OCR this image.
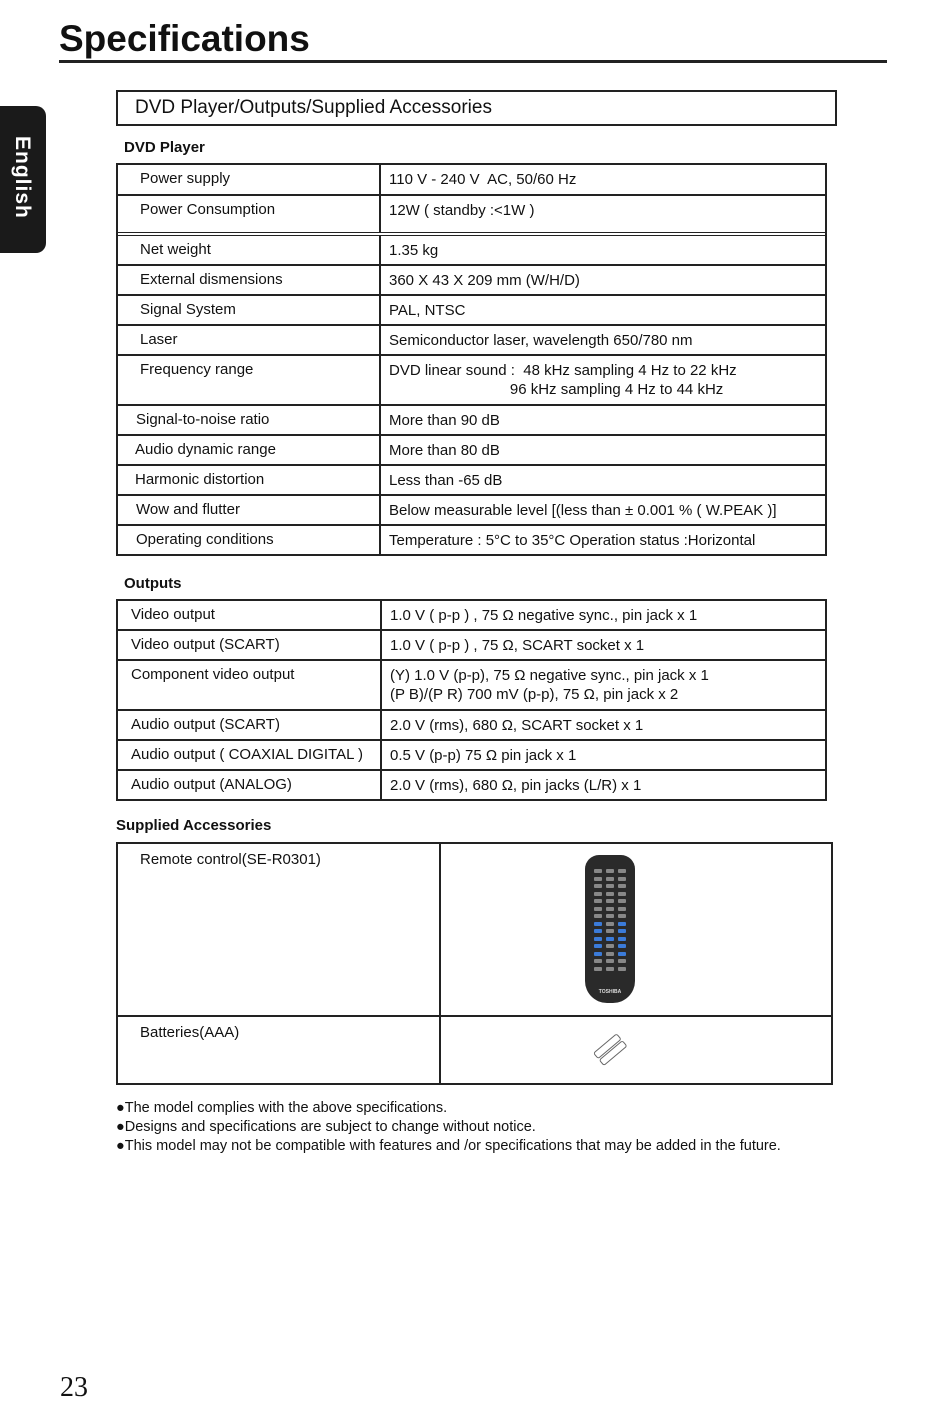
Specifications
English
DVD Player/Outputs/Supplied Accessories
DVD Player
Power supply	110 V - 240 V  AC, 50/60 Hz
Power Consumption	12W ( standby :<1W )
Net weight	1.35 kg
External dismensions	360 X 43 X 209 mm (W/H/D)
Signal System	PAL, NTSC
Laser	Semiconductor laser, wavelength 650/780 nm
Frequency range	DVD linear sound :  48 kHz sampling 4 Hz to 22 kHz
96 kHz sampling 4 Hz to 44 kHz
Signal-to-noise ratio	More than 90 dB
Audio dynamic range	More than 80 dB
Harmonic distortion	Less than -65 dB
Wow and flutter	Below measurable level [(less than ± 0.001 % ( W.PEAK )]
Operating conditions	Temperature : 5°C to 35°C Operation status :Horizontal
Outputs
Video output	1.0 V ( p-p ) , 75 Ω negative sync., pin jack x 1
Video output (SCART)	1.0 V ( p-p ) , 75 Ω, SCART socket x 1
Component video output	(Y) 1.0 V (p-p), 75 Ω negative sync., pin jack x 1
(P B)/(P R) 700 mV (p-p), 75 Ω, pin jack x 2
Audio output (SCART)	2.0 V (rms), 680 Ω, SCART socket x 1
Audio output ( COAXIAL DIGITAL )	0.5 V (p-p) 75 Ω pin jack x 1
Audio output (ANALOG)	2.0 V (rms), 680 Ω, pin jacks (L/R) x 1
Supplied Accessories
Remote control(SE-R0301)
Batteries(AAA)
TOSHIBA
●The model complies with the above specifications.
●Designs and specifications are subject to change without notice.
●This model may not be compatible with features and /or specifications that may be added in the future.
23
